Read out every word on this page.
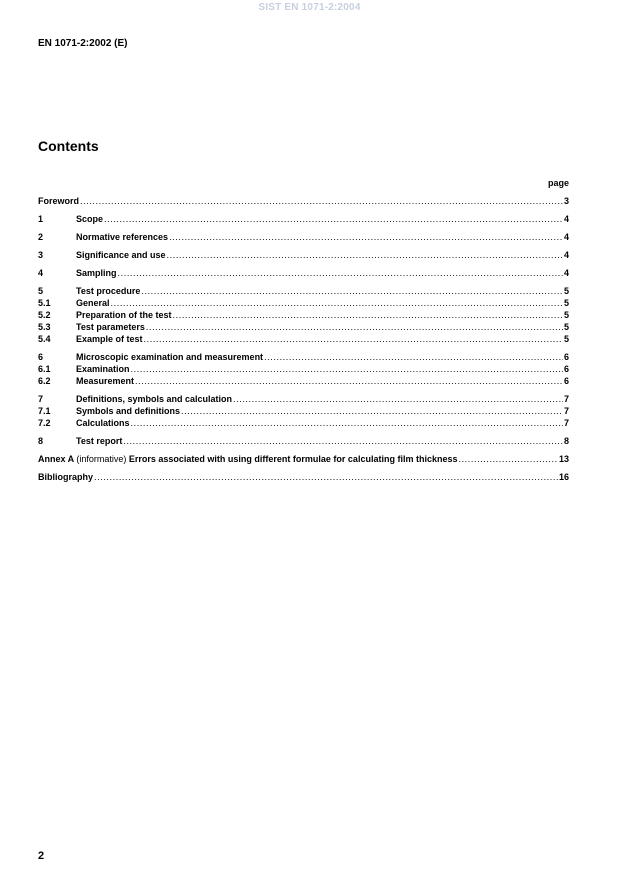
SIST EN 1071-2:2004
EN 1071-2:2002 (E)
Contents
page
Foreword .....	3
1	Scope .....	4
2	Normative references .....	4
3	Significance and use .....	4
4	Sampling .....	4
5	Test procedure .....	5
5.1	General .....	5
5.2	Preparation of the test .....	5
5.3	Test parameters .....	5
5.4	Example of test .....	5
6	Microscopic examination and measurement .....	6
6.1	Examination .....	6
6.2	Measurement .....	6
7	Definitions, symbols and calculation .....	7
7.1	Symbols and definitions .....	7
7.2	Calculations .....	7
8	Test report .....	8
Annex A (informative) Errors associated with using different formulae for calculating film thickness .....	13
Bibliography .....	16
2
